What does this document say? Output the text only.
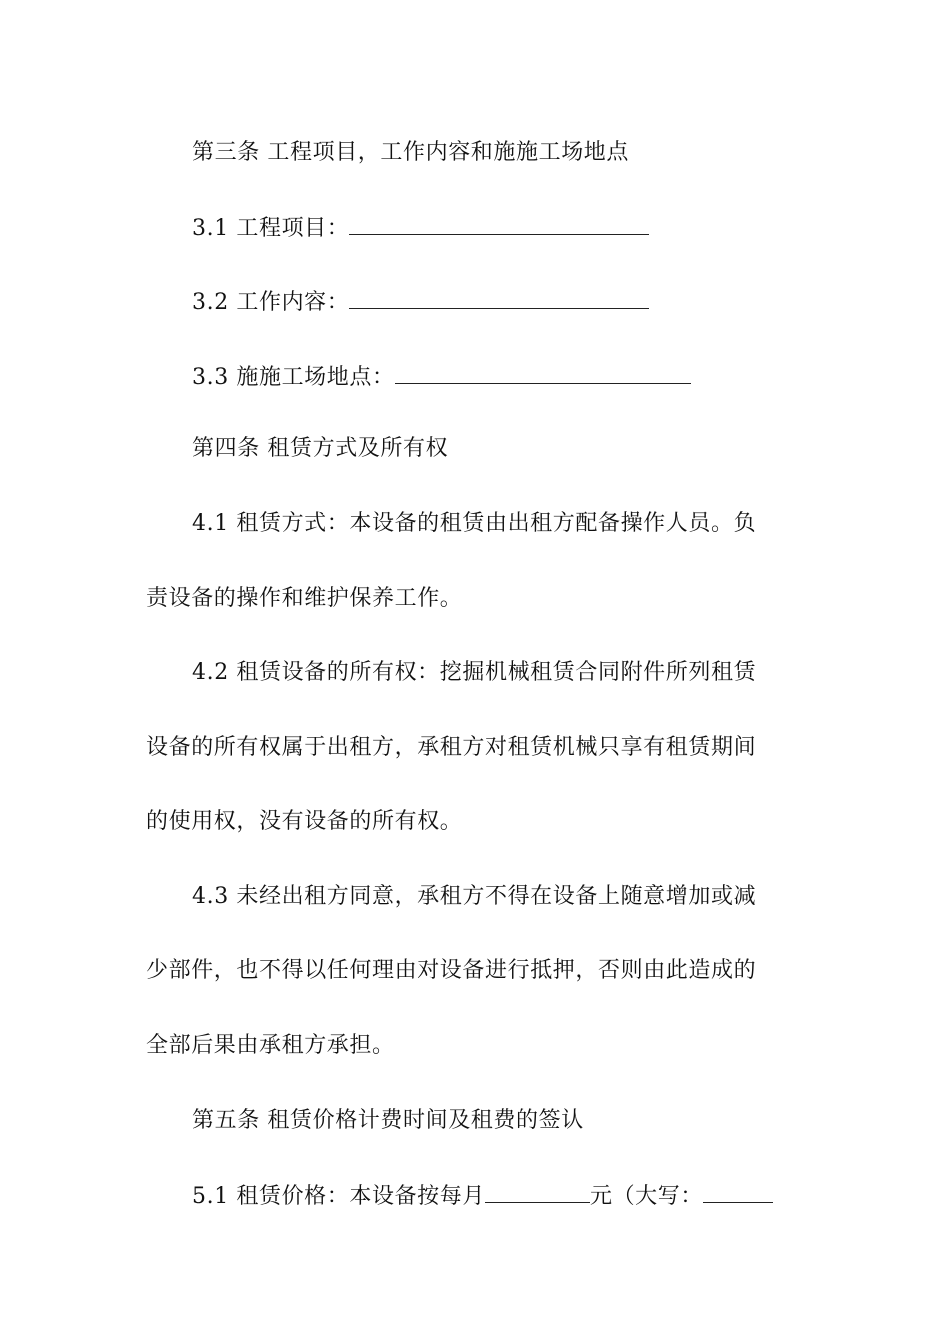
第三条 工程项目，工作内容和施施工场地点
3.1 工程项目：
3.2 工作内容：
3.3 施施工场地点：
第四条 租赁方式及所有权
4.1 租赁方式：本设备的租赁由出租方配备操作人员。负
责设备的操作和维护保养工作。
4.2 租赁设备的所有权：挖掘机械租赁合同附件所列租赁
设备的所有权属于出租方，承租方对租赁机械只享有租赁期间
的使用权，没有设备的所有权。
4.3 未经出租方同意，承租方不得在设备上随意增加或减
少部件，也不得以任何理由对设备进行抵押，否则由此造成的
全部后果由承租方承担。
第五条 租赁价格计费时间及租费的签认
5.1 租赁价格：本设备按每月	元（大写：
